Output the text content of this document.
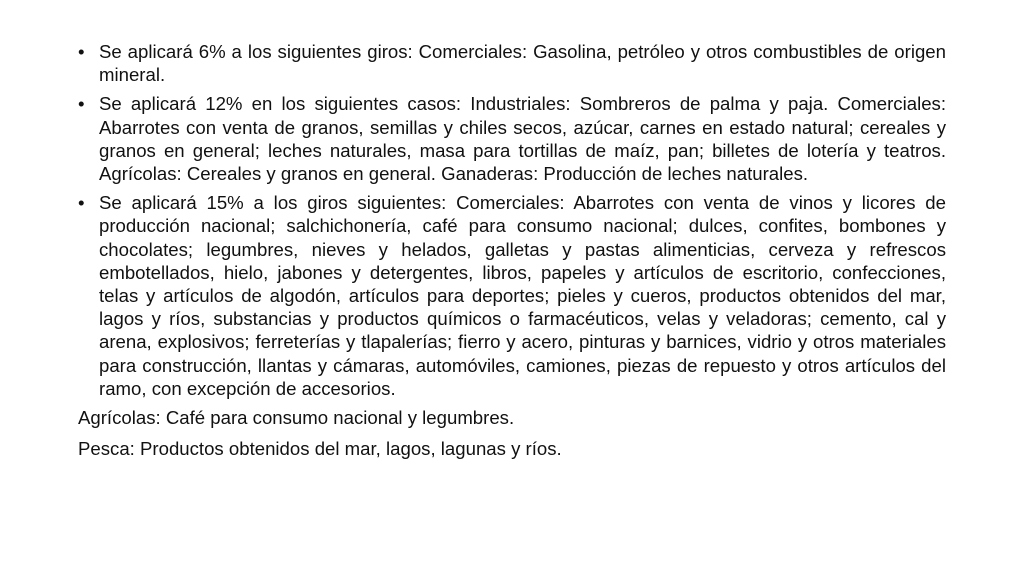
• Se aplicará 6% a los siguientes giros: Comerciales: Gasolina, petróleo y otros combustibles de origen mineral.
• Se aplicará 12% en los siguientes casos: Industriales: Sombreros de palma y paja. Comerciales: Abarrotes con venta de granos, semillas y chiles secos, azúcar, carnes en estado natural; cereales y granos en general; leches naturales, masa para tortillas de maíz, pan; billetes de lotería y teatros. Agrícolas: Cereales y granos en general. Ganaderas: Producción de leches naturales.
• Se aplicará 15% a los giros siguientes: Comerciales: Abarrotes con venta de vinos y licores de producción nacional; salchichonería, café para consumo nacional; dulces, confites, bombones y chocolates; legumbres, nieves y helados, galletas y pastas alimenticias, cerveza y refrescos embotellados, hielo, jabones y detergentes, libros, papeles y artículos de escritorio, confecciones, telas y artículos de algodón, artículos para deportes; pieles y cueros, productos obtenidos del mar, lagos y ríos, substancias y productos químicos o farmacéuticos, velas y veladoras; cemento, cal y arena, explosivos; ferreterías y tlapalerías; fierro y acero, pinturas y barnices, vidrio y otros materiales para construcción, llantas y cámaras, automóviles, camiones, piezas de repuesto y otros artículos del ramo, con excepción de accesorios.

Agrícolas: Café para consumo nacional y legumbres.

Pesca: Productos obtenidos del mar, lagos, lagunas y ríos.
